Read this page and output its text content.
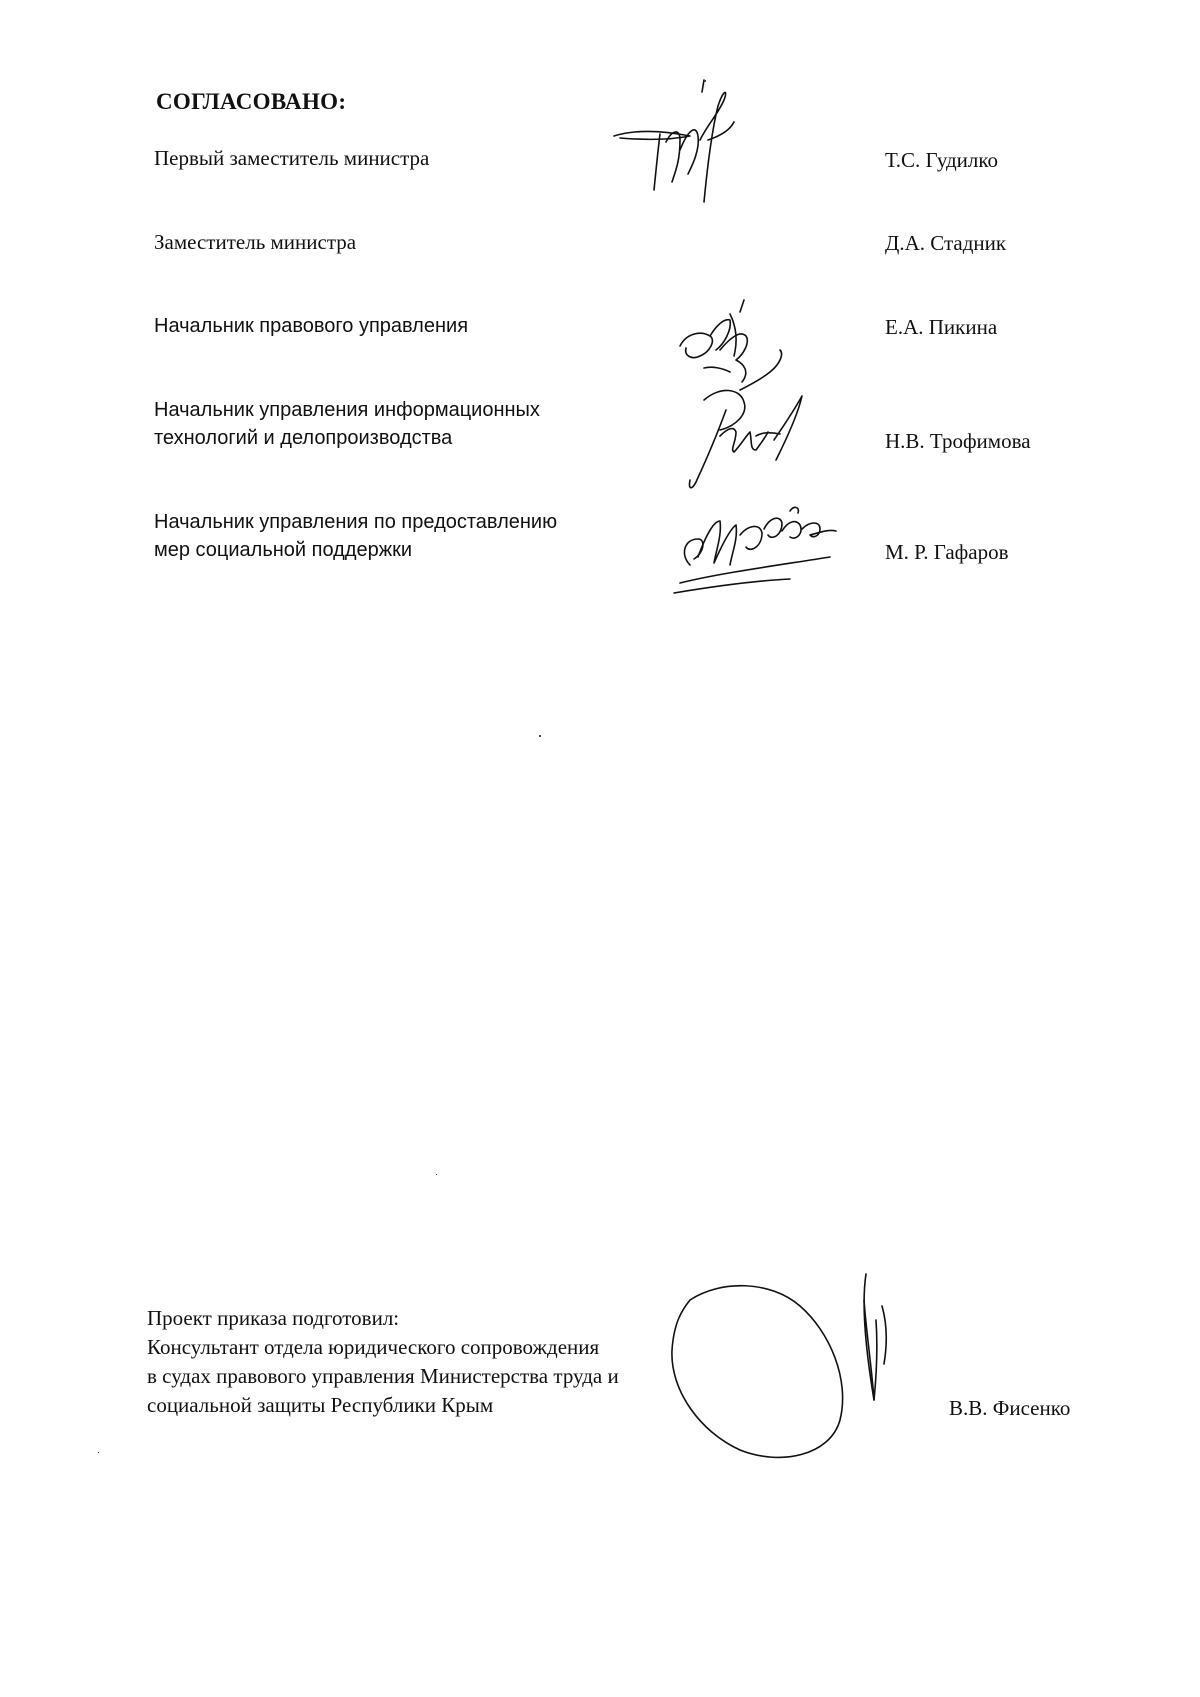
СОГЛАСОВАНО:
Первый заместитель министра	Т.С. Гудилко
Заместитель министра	Д.А. Стадник
Начальник правового управления	Е.А. Пикина
Начальник управления информационных
технологий и делопроизводства	Н.В. Трофимова
Начальник управления по предоставлению
мер социальной поддержки	М. Р. Гафаров
Проект приказа подготовил:
Консультант отдела юридического сопровождения
в судах правового управления Министерства труда и
социальной защиты Республики Крым	В.В. Фисенко
